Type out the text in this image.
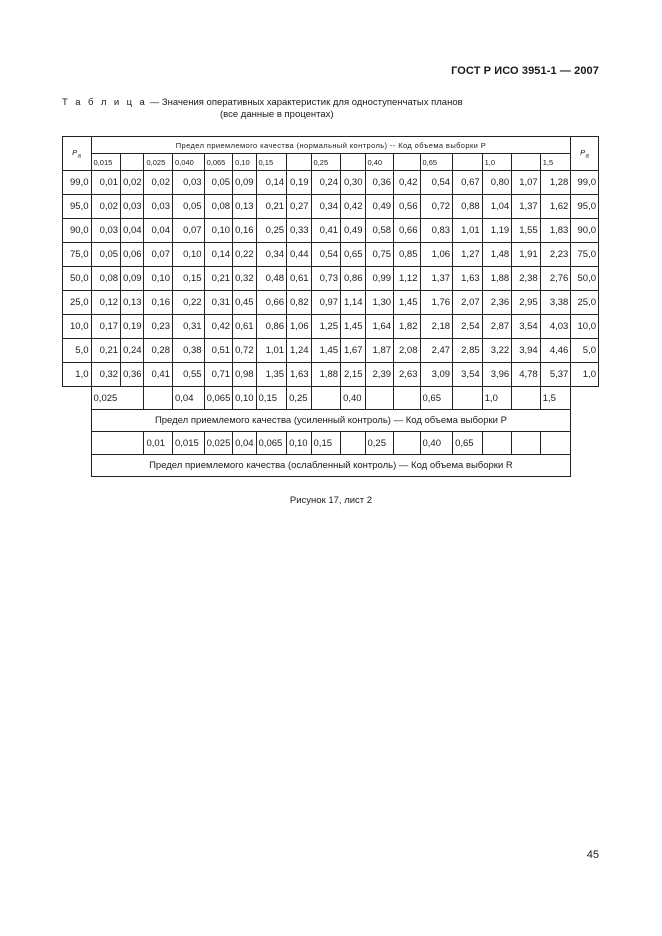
ГОСТ Р ИСО 3951-1 — 2007
Т а б л и ц а — Значения оперативных характеристик для одноступенчатых планов
(все данные в процентах)
$P_a$	Предел приемлемого качества (нормальный контроль) -- Код объема выборки P																	$P_a$
	0,015		0,025	0,040	0,065	0,10	0,15		0,25		0,40		0,65		1,0		1,5	
99,0	0,01	0,02	0,02	0,03	0,05	0,09	0,14	0,19	0,24	0,30	0,36	0,42	0,54	0,67	0,80	1,07	1,28	99,0
95,0	0,02	0,03	0,03	0,05	0,08	0,13	0,21	0,27	0,34	0,42	0,49	0,56	0,72	0,88	1,04	1,37	1,62	95,0
90,0	0,03	0,04	0,04	0,07	0,10	0,16	0,25	0,33	0,41	0,49	0,58	0,66	0,83	1,01	1,19	1,55	1,83	90,0
75,0	0,05	0,06	0,07	0,10	0,14	0,22	0,34	0,44	0,54	0,65	0,75	0,85	1,06	1,27	1,48	1,91	2,23	75,0
50,0	0,08	0,09	0,10	0,15	0,21	0,32	0,48	0,61	0,73	0,86	0,99	1,12	1,37	1,63	1,88	2,38	2,76	50,0
25,0	0,12	0,13	0,16	0,22	0,31	0,45	0,66	0,82	0,97	1,14	1,30	1,45	1,76	2,07	2,36	2,95	3,38	25,0
10,0	0,17	0,19	0,23	0,31	0,42	0,61	0,86	1,06	1,25	1,45	1,64	1,82	2,18	2,54	2,87	3,54	4,03	10,0
5,0	0,21	0,24	0,28	0,38	0,51	0,72	1,01	1,24	1,45	1,67	1,87	2,08	2,47	2,85	3,22	3,94	4,46	5,0
1,0	0,32	0,36	0,41	0,55	0,71	0,98	1,35	1,63	1,88	2,15	2,39	2,63	3,09	3,54	3,96	4,78	5,37	1,0
	0,025			0,04	0,065	0,10	0,15	0,25		0,40			0,65		1,0		1,5	
	Предел приемлемого качества (усиленный контроль) — Код объема выборки P																	
			0,01	0,015	0,025	0,04	0,065	0,10	0,15		0,25		0,40	0,65				
	Предел приемлемого качества (ослабленный контроль) — Код объема выборки R																	
Рисунок 17, лист 2
45
